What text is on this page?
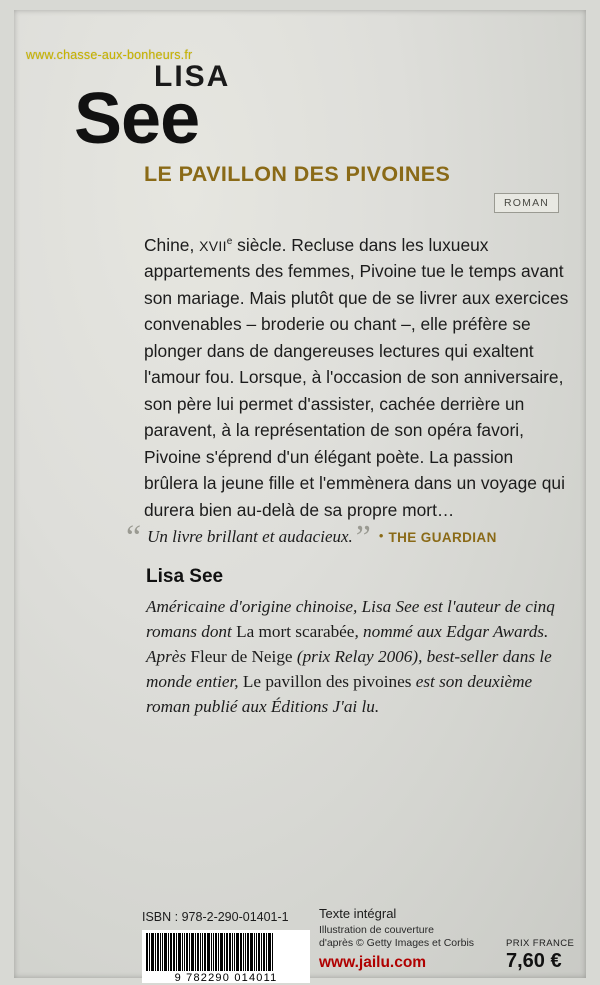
www.chasse-aux-bonheurs.fr
LISA
See
LE PAVILLON DES PIVOINES
ROMAN
Chine, XVIIe siècle. Recluse dans les luxueux appartements des femmes, Pivoine tue le temps avant son mariage. Mais plutôt que de se livrer aux exercices convenables – broderie ou chant –, elle préfère se plonger dans de dangereuses lectures qui exaltent l'amour fou. Lorsque, à l'occasion de son anniversaire, son père lui permet d'assister, cachée derrière un paravent, à la représentation de son opéra favori, Pivoine s'éprend d'un élégant poète. La passion brûlera la jeune fille et l'emmènera dans un voyage qui durera bien au-delà de sa propre mort…
“ Un livre brillant et audacieux. ” • THE GUARDIAN
Lisa See
Américaine d'origine chinoise, Lisa See est l'auteur de cinq romans dont La mort scarabée, nommé aux Edgar Awards. Après Fleur de Neige (prix Relay 2006), best-seller dans le monde entier, Le pavillon des pivoines est son deuxième roman publié aux Éditions J'ai lu.
ISBN : 978-2-290-01401-1
9 782290 014011
Texte intégral
Illustration de couverture
d'après © Getty Images et Corbis
www.jailu.com
PRIX FRANCE
7,60 €
